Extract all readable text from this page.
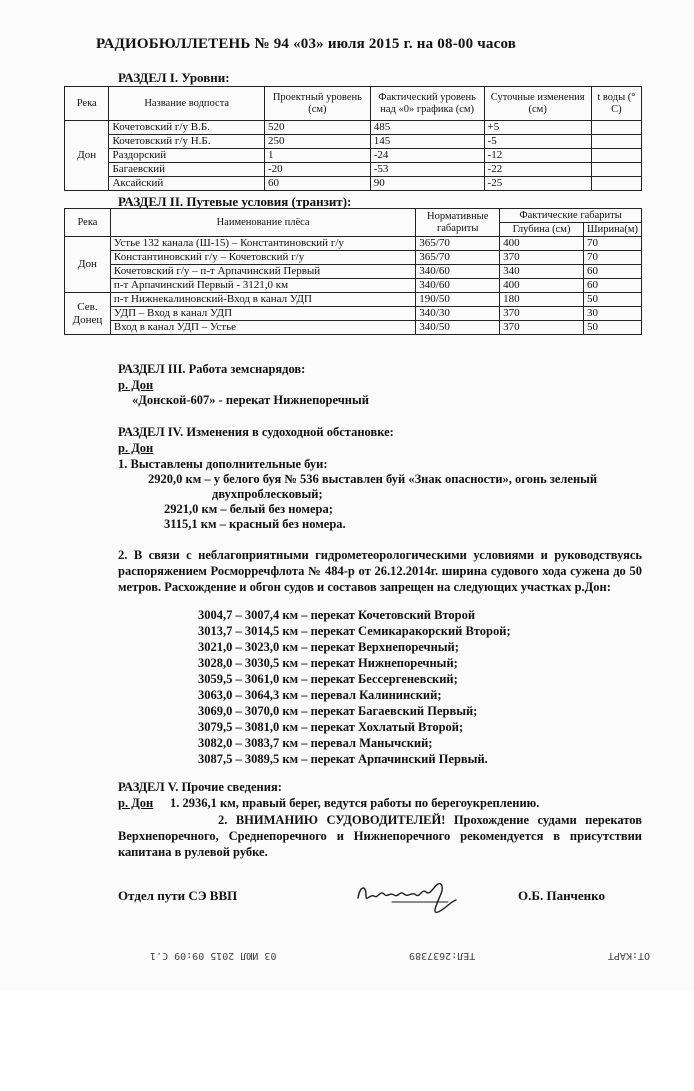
РАДИОБЮЛЛЕТЕНЬ № 94 «03» июля 2015 г. на 08-00 часов
РАЗДЕЛ I. Уровни:
Река	Название водпоста	Проектный уровень (см)	Фактический уровень над «0» графика (см)	Суточные изменения (см)	t воды (° С)
Дон	Кочетовский г/у В.Б.	520	485	+5	
	Кочетовский г/у Н.Б.	250	145	-5	
	Раздорский	1	-24	-12	
	Багаевский	-20	-53	-22	
	Аксайский	60	90	-25	
РАЗДЕЛ II. Путевые условия (транзит):
Река	Наименование плёса	Нормативные габариты	Фактические габариты	
			Глубина (см)	Ширина(м)
Дон	Устье 132 канала (Ш-15) – Константиновский г/у	365/70	400	70
	Константиновский г/у – Кочетовский г/у	365/70	370	70
	Кочетовский г/у – п-т Арпачинский Первый	340/60	340	60
	п-т Арпачинский Первый - 3121,0 км	340/60	400	60
Сев. Донец	п-т Нижнекалиновский-Вход в канал УДП	190/50	180	50
	УДП – Вход в канал УДП	340/30	370	30
	Вход в канал УДП – Устье	340/50	370	50
РАЗДЕЛ III. Работа земснарядов:
р. Дон
«Донской-607» - перекат Нижнепоречный
РАЗДЕЛ IV. Изменения в судоходной обстановке:
р. Дон
1. Выставлены дополнительные буи:
2920,0 км – у белого буя № 536 выставлен буй «Знак опасности», огонь зеленый
двухпроблесковый;
2921,0 км – белый без номера;
3115,1 км – красный без номера.
2. В связи с неблагоприятными гидрометеорологическими условиями и руководствуясь распоряжением Росморречфлота № 484-р от 26.12.2014г. ширина судового хода сужена до 50 метров. Расхождение и обгон судов и составов запрещен на следующих участках р.Дон:
3004,7 – 3007,4 км – перекат Кочетовский Второй
3013,7 – 3014,5 км – перекат Семикаракорский Второй;
3021,0 – 3023,0 км – перекат Верхнепоречный;
3028,0 – 3030,5 км – перекат Нижнепоречный;
3059,5 – 3061,0 км – перекат Бессергеневский;
3063,0 – 3064,3 км – перевал Калининский;
3069,0 – 3070,0 км – перекат Багаевский Первый;
3079,5 – 3081,0 км – перекат Хохлатый Второй;
3082,0 – 3083,7 км – перевал Манычский;
3087,5 – 3089,5 км – перекат Арпачинский Первый.
РАЗДЕЛ V. Прочие сведения:
р. Дон 1. 2936,1 км, правый берег, ведутся работы по берегоукреплению.
2. ВНИМАНИЮ СУДОВОДИТЕЛЕЙ! Прохождение судами перекатов Верхнепоречного, Среднепоречного и Нижнепоречного рекомендуется в присутствии капитана в рулевой рубке.
Отдел пути СЭ ВВП	О.Б. Панченко
OT:KAPT
TEЛ:2637389
03 ИЮЛ 2015 09:09 C.1
